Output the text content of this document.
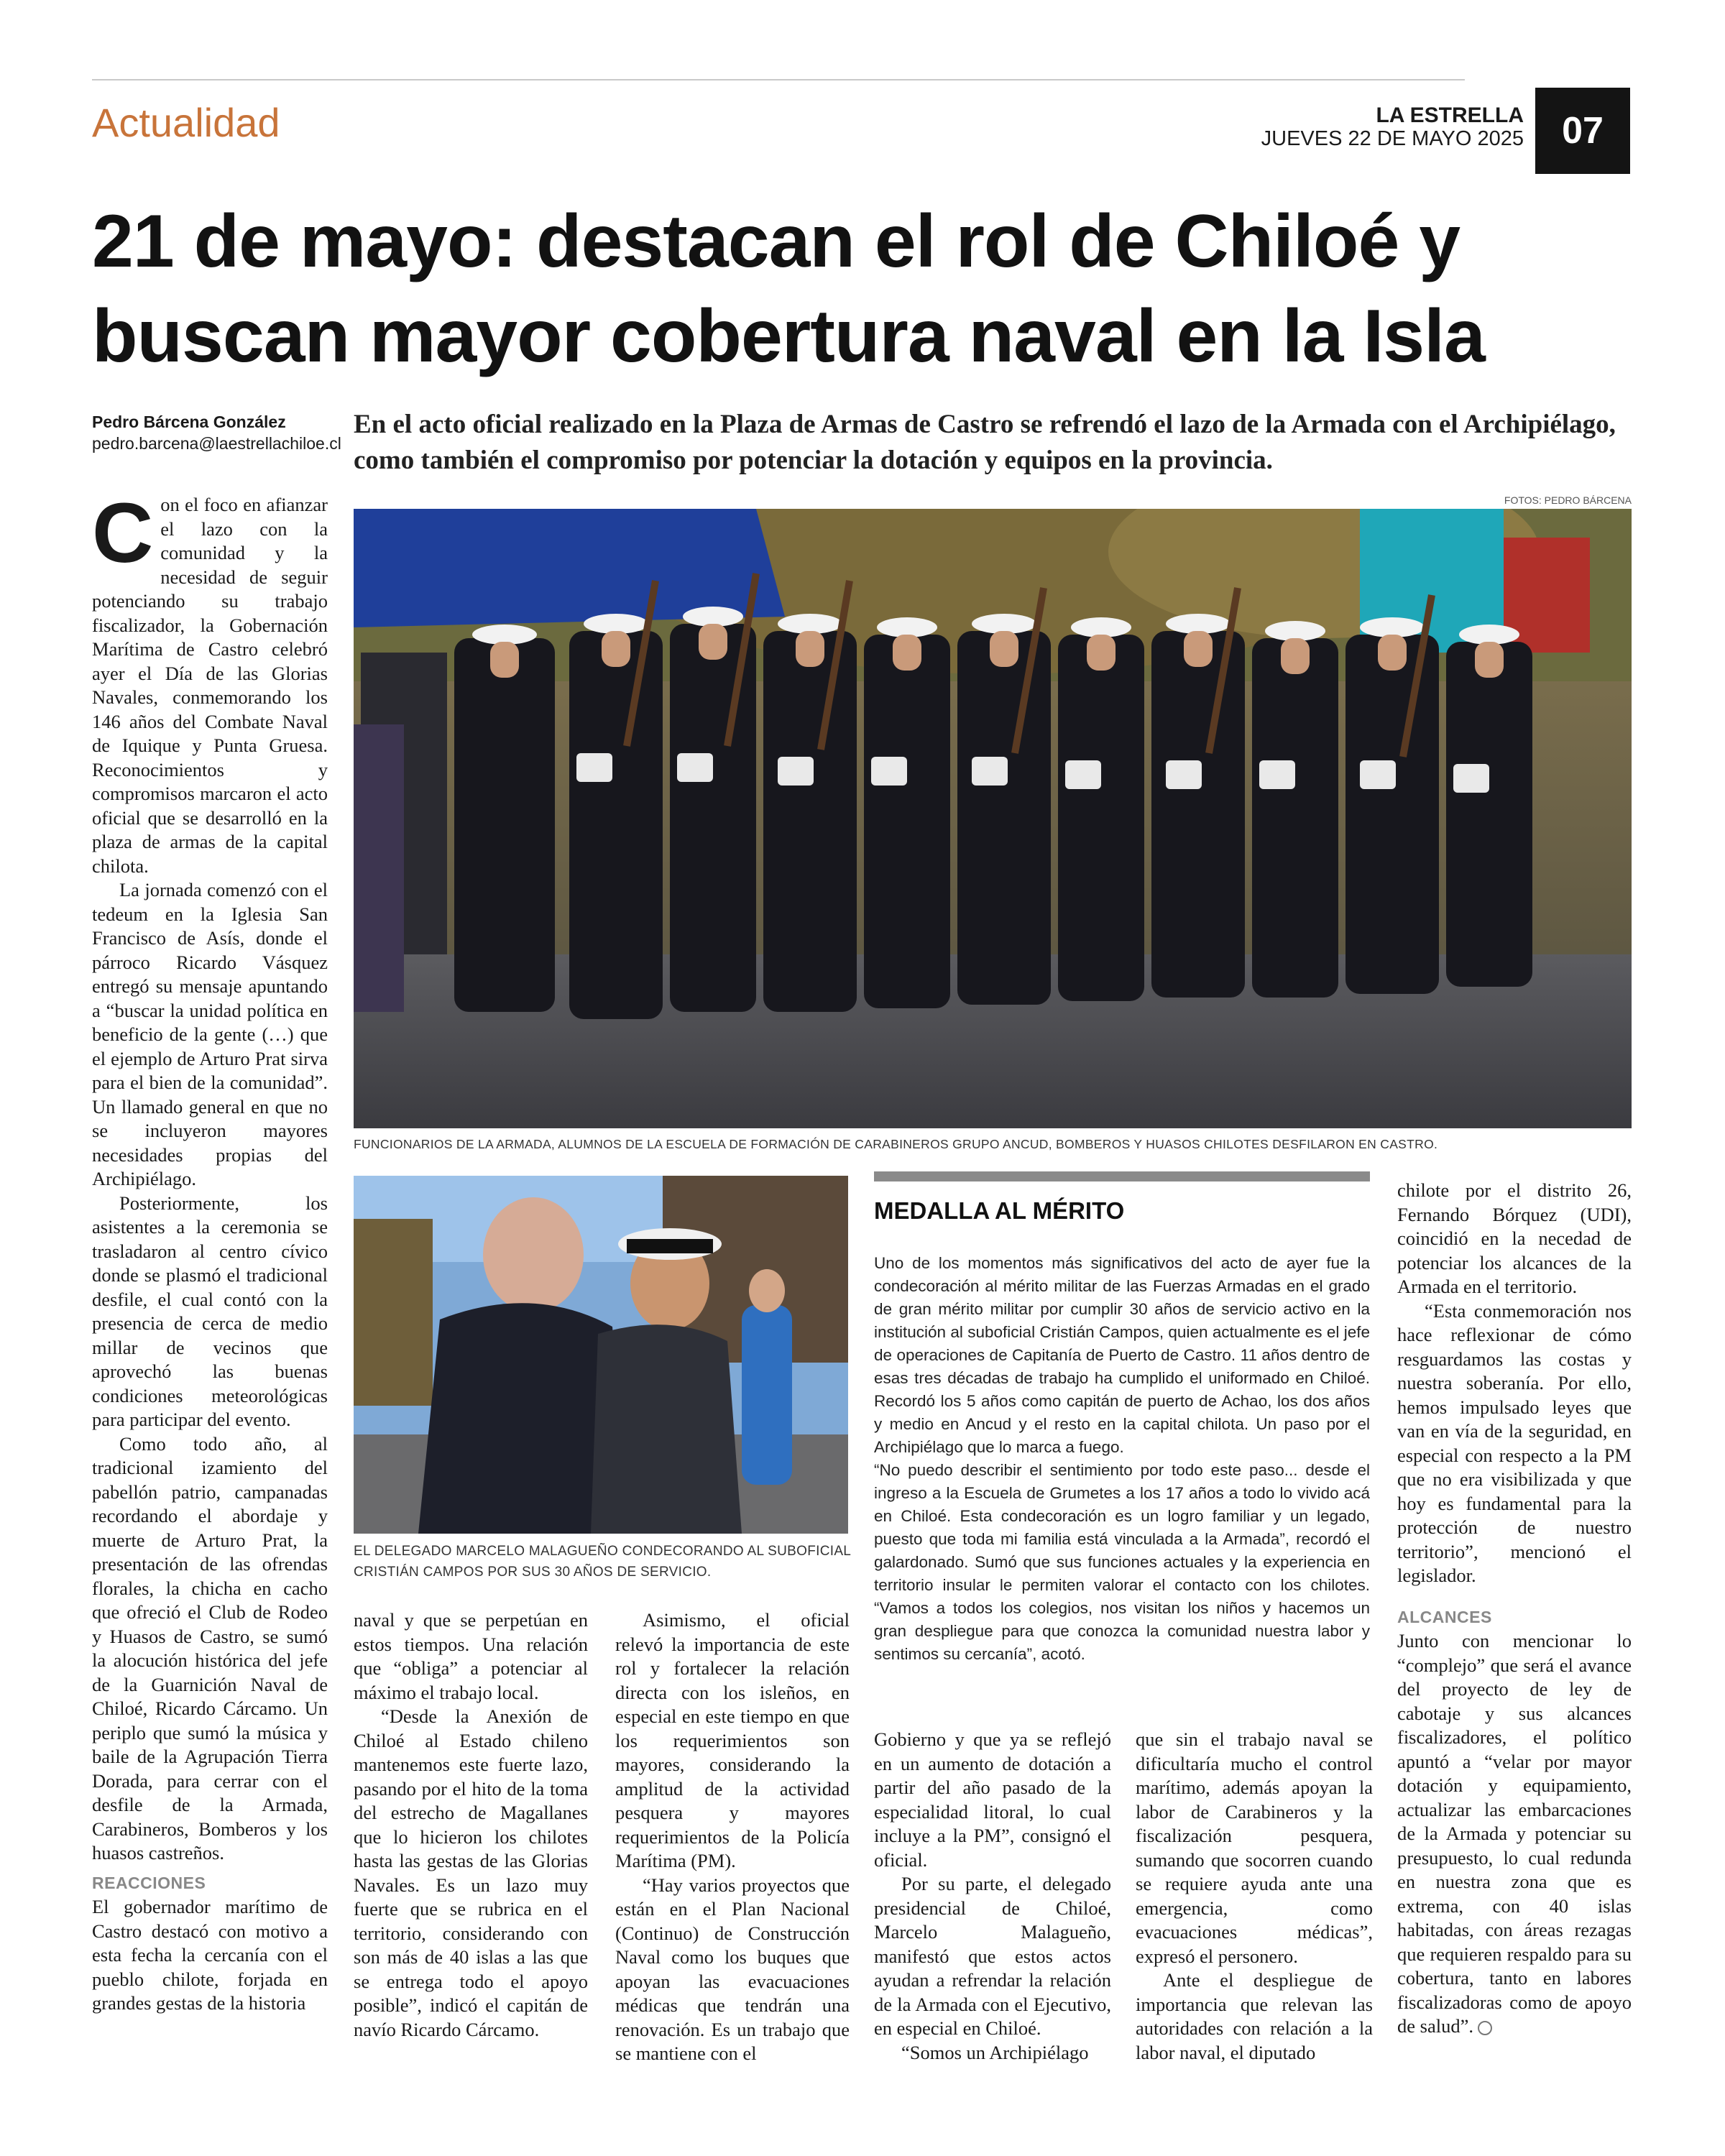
Actualidad	LA ESTRELLA
JUEVES 22 DE MAYO 2025	07
21 de mayo: destacan el rol de Chiloé y buscan mayor cobertura naval en la Isla
Pedro Bárcena González
pedro.barcena@laestrellachiloe.cl
En el acto oficial realizado en la Plaza de Armas de Castro se refrendó el lazo de la Armada con el Archipiélago, como también el compromiso por potenciar la dotación y equipos en la provincia.
FOTOS: PEDRO BÁRCENA
FUNCIONARIOS DE LA ARMADA, ALUMNOS DE LA ESCUELA DE FORMACIÓN DE CARABINEROS GRUPO ANCUD, BOMBEROS Y HUASOS CHILOTES DESFILARON EN CASTRO.
EL DELEGADO MARCELO MALAGUEÑO CONDECORANDO AL SUBOFICIAL CRISTIÁN CAMPOS POR SUS 30 AÑOS DE SERVICIO.

Con el foco en afianzar el lazo con la comunidad y la necesidad de seguir potenciando su trabajo fiscalizador, la Gobernación Marítima de Castro celebró ayer el Día de las Glorias Navales, conmemorando los 146 años del Combate Naval de Iquique y Punta Gruesa. Reconocimientos y compromisos marcaron el acto oficial que se desarrolló en la plaza de armas de la capital chilota.

La jornada comenzó con el tedeum en la Iglesia San Francisco de Asís, donde el párroco Ricardo Vásquez entregó su mensaje apuntando a “buscar la unidad política en beneficio de la gente (…) que el ejemplo de Arturo Prat sirva para el bien de la comunidad”. Un llamado general en que no se incluyeron mayores necesidades propias del Archipiélago.

Posteriormente, los asistentes a la ceremonia se trasladaron al centro cívico donde se plasmó el tradicional desfile, el cual contó con la presencia de cerca de medio millar de vecinos que aprovechó las buenas condiciones meteorológicas para participar del evento.

Como todo año, al tradicional izamiento del pabellón patrio, campanadas recordando el abordaje y muerte de Arturo Prat, la presentación de las ofrendas florales, la chicha en cacho que ofreció el Club de Rodeo y Huasos de Castro, se sumó la alocución histórica del jefe de la Guarnición Naval de Chiloé, Ricardo Cárcamo. Un periplo que sumó la música y baile de la Agrupación Tierra Dorada, para cerrar con el desfile de la Armada, Carabineros, Bomberos y los huasos castreños.

REACCIONES

El gobernador marítimo de Castro destacó con motivo a esta fecha la cercanía con el pueblo chilote, forjada en grandes gestas de la historia

naval y que se perpetúan en estos tiempos. Una relación que “obliga” a potenciar al máximo el trabajo local.

“Desde la Anexión de Chiloé al Estado chileno mantenemos este fuerte lazo, pasando por el hito de la toma del estrecho de Magallanes que lo hicieron los chilotes hasta las gestas de las Glorias Navales. Es un lazo muy fuerte que se rubrica en el territorio, considerando con son más de 40 islas a las que se entrega todo el apoyo posible”, indicó el capitán de navío Ricardo Cárcamo.

Asimismo, el oficial relevó la importancia de este rol y fortalecer la relación directa con los isleños, en especial en este tiempo en que los requerimientos son mayores, considerando la amplitud de la actividad pesquera y mayores requerimientos de la Policía Marítima (PM).

“Hay varios proyectos que están en el Plan Nacional (Continuo) de Construcción Naval como los buques que apoyan las evacuaciones médicas que tendrán una renovación. Es un trabajo que se mantiene con el

MEDALLA AL MÉRITO

Uno de los momentos más significativos del acto de ayer fue la condecoración al mérito militar de las Fuerzas Armadas en el grado de gran mérito militar por cumplir 30 años de servicio activo en la institución al suboficial Cristián Campos, quien actualmente es el jefe de operaciones de Capitanía de Puerto de Castro. 11 años dentro de esas tres décadas de trabajo ha cumplido el uniformado en Chiloé. Recordó los 5 años como capitán de puerto de Achao, los dos años y medio en Ancud y el resto en la capital chilota. Un paso por el Archipiélago que lo marca a fuego.

“No puedo describir el sentimiento por todo este paso... desde el ingreso a la Escuela de Grumetes a los 17 años a todo lo vivido acá en Chiloé. Esta condecoración es un logro familiar y un legado, puesto que toda mi familia está vinculada a la Armada”, recordó el galardonado. Sumó que sus funciones actuales y la experiencia en territorio insular le permiten valorar el contacto con los chilotes. “Vamos a todos los colegios, nos visitan los niños y hacemos un gran despliegue para que conozca la comunidad nuestra labor y sentimos su cercanía”, acotó.

Gobierno y que ya se reflejó en un aumento de dotación a partir del año pasado de la especialidad litoral, lo cual incluye a la PM”, consignó el oficial.

Por su parte, el delegado presidencial de Chiloé, Marcelo Malagueño, manifestó que estos actos ayudan a refrendar la relación de la Armada con el Ejecutivo, en especial en Chiloé.

“Somos un Archipiélago

que sin el trabajo naval se dificultaría mucho el control marítimo, además apoyan la labor de Carabineros y la fiscalización pesquera, sumando que socorren cuando se requiere ayuda ante una emergencia, como evacuaciones médicas”, expresó el personero.

Ante el despliegue de importancia que relevan las autoridades con relación a la labor naval, el diputado

chilote por el distrito 26, Fernando Bórquez (UDI), coincidió en la necedad de potenciar los alcances de la Armada en el territorio.

“Esta conmemoración nos hace reflexionar de cómo resguardamos las costas y nuestra soberanía. Por ello, hemos impulsado leyes que van en vía de la seguridad, en especial con respecto a la PM que no era visibilizada y que hoy es fundamental para la protección de nuestro territorio”, mencionó el legislador.

ALCANCES

Junto con mencionar lo “complejo” que será el avance del proyecto de ley de cabotaje y sus alcances fiscalizadores, el político apuntó a “velar por mayor dotación y equipamiento, actualizar las embarcaciones de la Armada y potenciar su presupuesto, lo cual redunda en nuestra zona que es extrema, con 40 islas habitadas, con áreas rezagas que requieren respaldo para su cobertura, tanto en labores fiscalizadoras como de apoyo de salud”.
